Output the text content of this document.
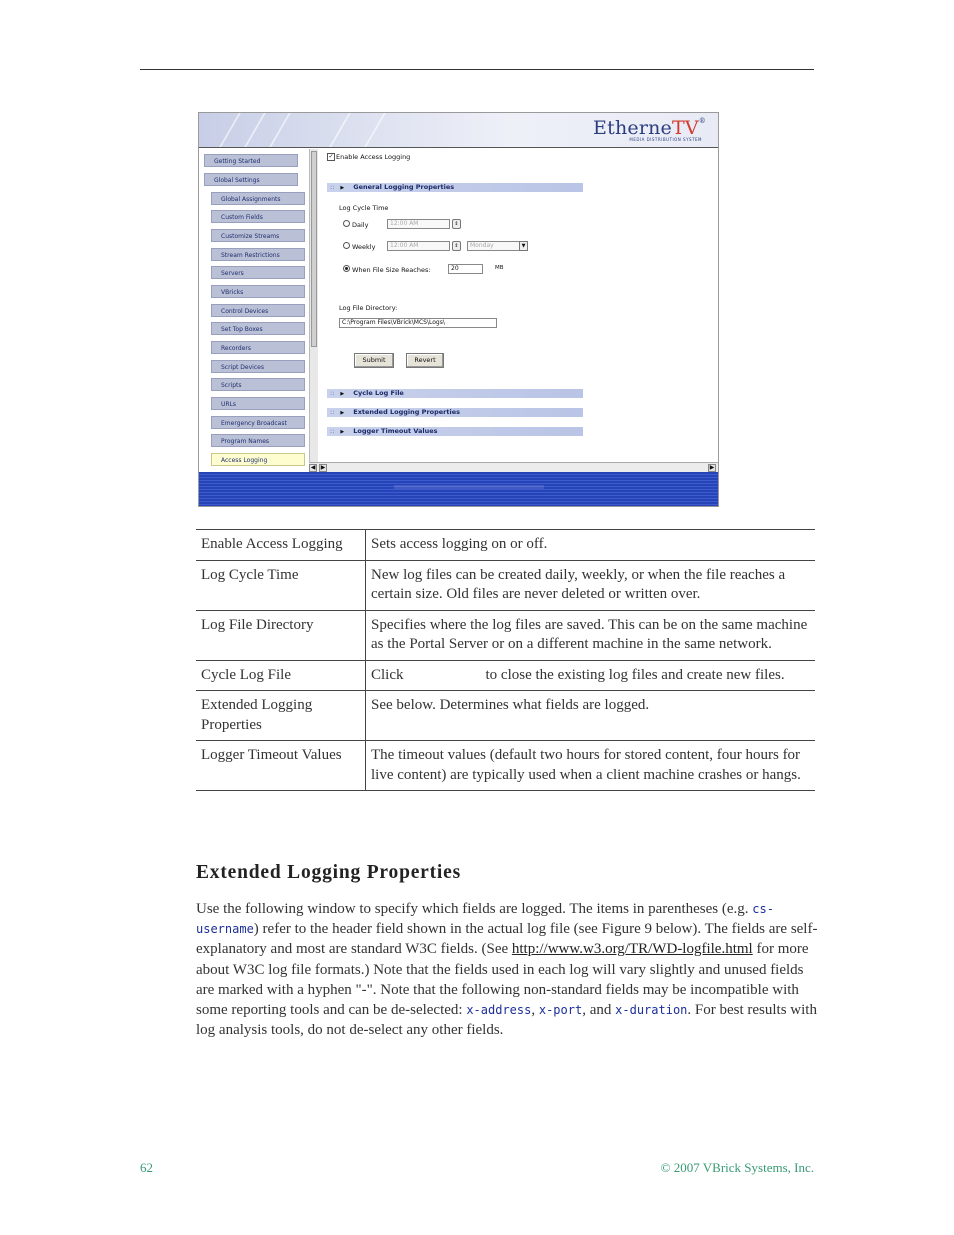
EtherneTV®
MEDIA DISTRIBUTION SYSTEM
Getting Started
Global Settings
Global Assignments
Custom Fields
Customize Streams
Stream Restrictions
Servers
VBricks
Control Devices
Set Top Boxes
Recorders
Script Devices
Scripts
URLs
Emergency Broadcast
Program Names
Access Logging
✓ Enable Access Logging
:: ▶ General Logging Properties
Log Cycle Time
Daily	12:00 AM	⇕
Weekly	12:00 AM	⇕	Monday	▼
When File Size Reaches:	20	MB
Log File Directory:
C:\Program Files\VBrick\MCS\Logs\
Submit	Revert
:: ▶ Cycle Log File
:: ▶ Extended Logging Properties
:: ▶ Logger Timeout Values
◀ ▶	▶
Enable Access Logging	Sets access logging on or off.
Log Cycle Time	New log files can be created daily, weekly, or when the file reaches a certain size. Old files are never deleted or written over.
Log File Directory	Specifies where the log files are saved. This can be on the same machine as the Portal Server or on a different machine in the same network.
Cycle Log File	Click to close the existing log files and create new files.
Extended Logging Properties	See below. Determines what fields are logged.
Logger Timeout Values	The timeout values (default two hours for stored content, four hours for live content) are typically used when a client machine crashes or hangs.
Extended Logging Properties
Use the following window to specify which fields are logged. The items in parentheses (e.g. cs-username) refer to the header field shown in the actual log file (see Figure 9 below). The fields are self-explanatory and most are standard W3C fields. (See http://www.w3.org/TR/WD-logfile.html for more about W3C log file formats.) Note that the fields used in each log will vary slightly and unused fields are marked with a hyphen "-". Note that the following non-standard fields may be incompatible with some reporting tools and can be de-selected: x-address, x-port, and x-duration. For best results with log analysis tools, do not de-select any other fields.
62	© 2007 VBrick Systems, Inc.
